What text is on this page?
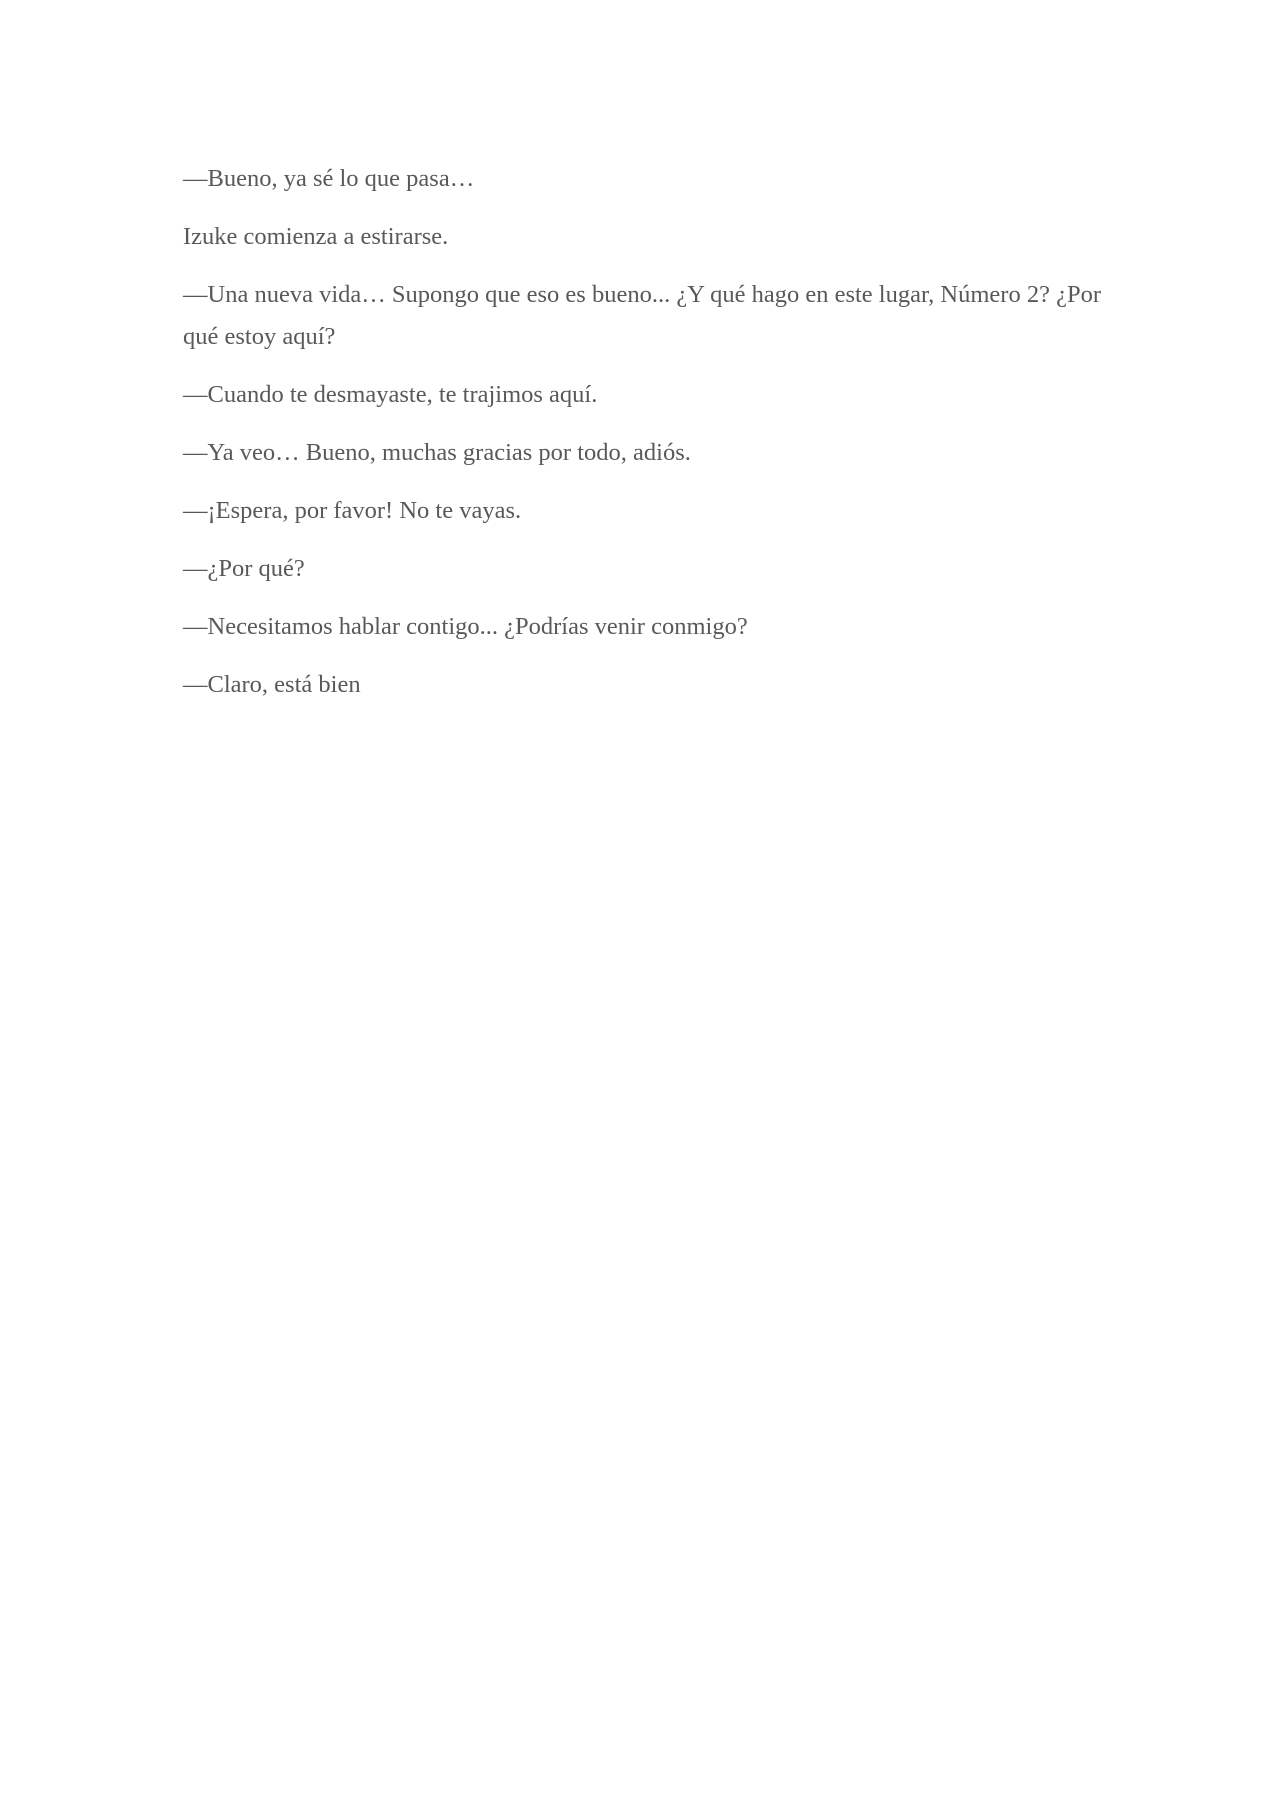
—Bueno, ya sé lo que pasa…

Izuke comienza a estirarse.

—Una nueva vida… Supongo que eso es bueno... ¿Y qué hago en este lugar, Número 2? ¿Por qué estoy aquí?

—Cuando te desmayaste, te trajimos aquí.

—Ya veo… Bueno, muchas gracias por todo, adiós.

—¡Espera, por favor! No te vayas.

—¿Por qué?

—Necesitamos hablar contigo... ¿Podrías venir conmigo?

—Claro, está bien
